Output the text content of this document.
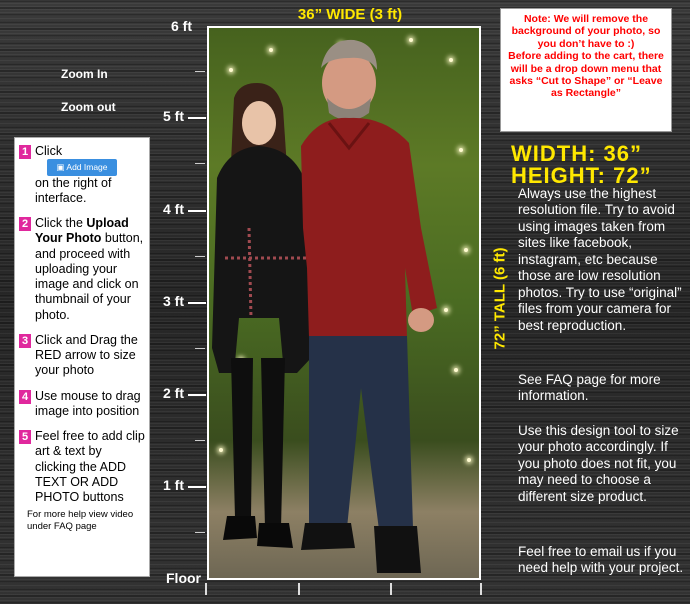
36” WIDE (3 ft)
6 ft
5 ft
4 ft
3 ft
2 ft
1 ft
Floor
Zoom In
Zoom out
72” TALL (6 ft)
Note: We will remove the background of your photo, so you don’t have to :)
Before adding to the cart, there will be a drop down menu that asks “Cut to Shape” or “Leave as Rectangle”
WIDTH: 36”
HEIGHT: 72”
Always use the highest resolution file. Try to avoid using images taken from sites like facebook, instagram, etc because those are low resolution photos. Try to use “original” files from your camera for best reproduction.
See FAQ page for more information.
Use this design tool to size your photo accordingly. If you photo does not fit, you may need to choose a different size product.
Feel free to email us if you need help with your project.
1 Click ▣ Add Image
on the right of interface.
2 Click the Upload Your Photo button, and proceed with uploading your image and click on thumbnail of your photo.
3 Click and Drag the RED arrow to size your photo
4 Use mouse to drag image into position
5 Feel free to add clip art & text by clicking the ADD TEXT OR ADD PHOTO buttons
For more help view video under FAQ page
